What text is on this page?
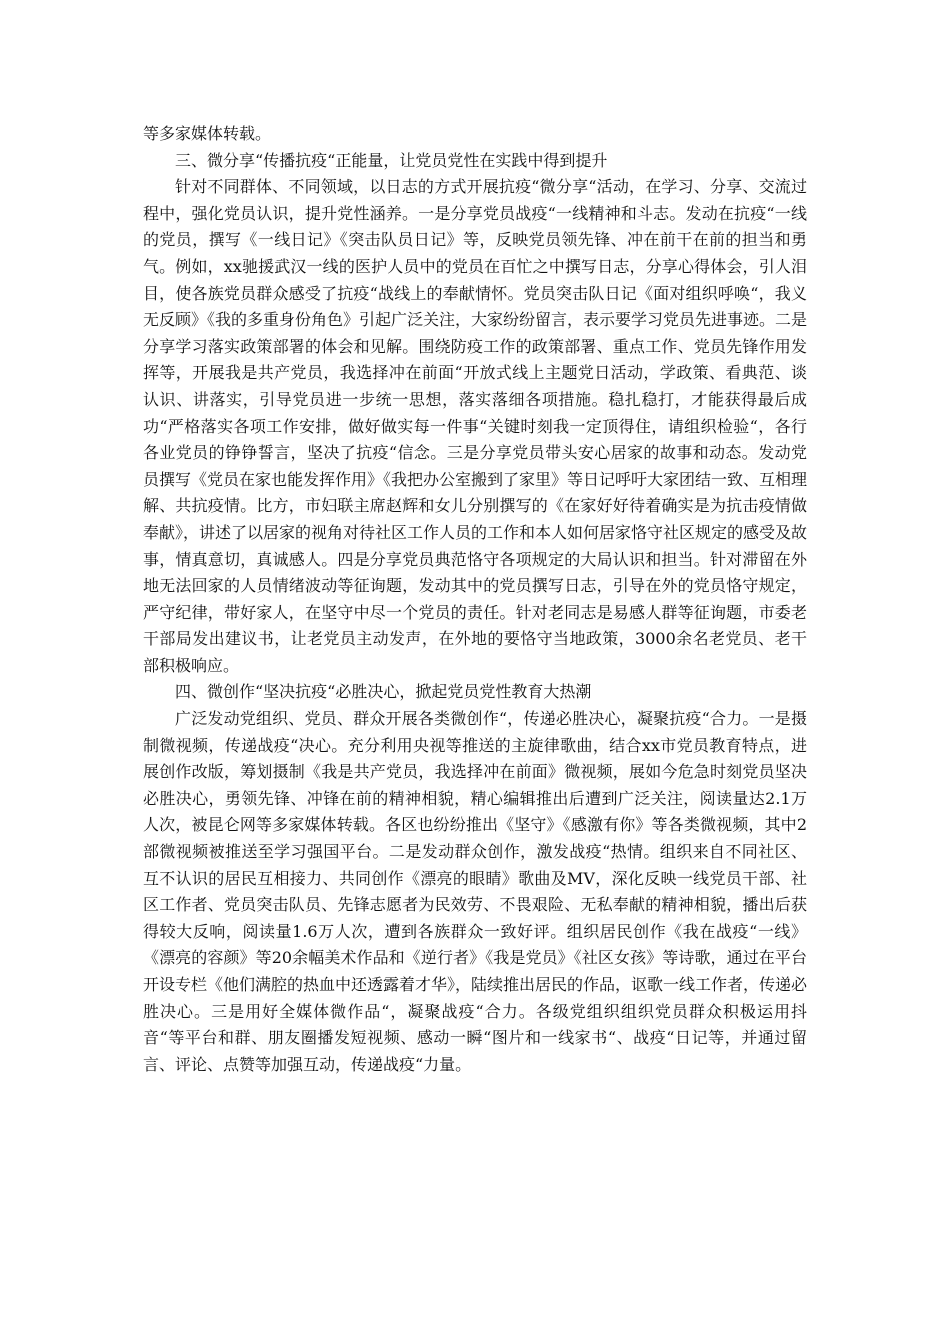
等多家媒体转载。

三、微分享“传播抗疫“正能量，让党员党性在实践中得到提升

针对不同群体、不同领域，以日志的方式开展抗疫“微分享“活动，在学习、分享、交流过程中，强化党员认识，提升党性涵养。一是分享党员战疫“一线精神和斗志。发动在抗疫“一线的党员，撰写《一线日记》《突击队员日记》等，反映党员领先锋、冲在前干在前的担当和勇气。例如，xx驰援武汉一线的医护人员中的党员在百忙之中撰写日志，分享心得体会，引人泪目，使各族党员群众感受了抗疫“战线上的奉献情怀。党员突击队日记《面对组织呼唤“，我义无反顾》《我的多重身份角色》引起广泛关注，大家纷纷留言，表示要学习党员先进事迹。二是分享学习落实政策部署的体会和见解。围绕防疫工作的政策部署、重点工作、党员先锋作用发挥等，开展我是共产党员，我选择冲在前面“开放式线上主题党日活动，学政策、看典范、谈认识、讲落实，引导党员进一步统一思想，落实落细各项措施。稳扎稳打，才能获得最后成功“严格落实各项工作安排，做好做实每一件事“关键时刻我一定顶得住，请组织检验“，各行各业党员的铮铮誓言，坚决了抗疫“信念。三是分享党员带头安心居家的故事和动态。发动党员撰写《党员在家也能发挥作用》《我把办公室搬到了家里》等日记呼吁大家团结一致、互相理解、共抗疫情。比方，市妇联主席赵辉和女儿分别撰写的《在家好好待着确实是为抗击疫情做奉献》，讲述了以居家的视角对待社区工作人员的工作和本人如何居家恪守社区规定的感受及故事，情真意切，真诚感人。四是分享党员典范恪守各项规定的大局认识和担当。针对滞留在外地无法回家的人员情绪波动等征询题，发动其中的党员撰写日志，引导在外的党员恪守规定，严守纪律，带好家人，在坚守中尽一个党员的责任。针对老同志是易感人群等征询题，市委老干部局发出建议书，让老党员主动发声，在外地的要恪守当地政策，3000余名老党员、老干部积极响应。

四、微创作“坚决抗疫“必胜决心，掀起党员党性教育大热潮

广泛发动党组织、党员、群众开展各类微创作“，传递必胜决心，凝聚抗疫“合力。一是摄制微视频，传递战疫“决心。充分利用央视等推送的主旋律歌曲，结合xx市党员教育特点，进展创作改版，筹划摄制《我是共产党员，我选择冲在前面》微视频，展如今危急时刻党员坚决必胜决心，勇领先锋、冲锋在前的精神相貌，精心编辑推出后遭到广泛关注，阅读量达2.1万人次，被昆仑网等多家媒体转载。各区也纷纷推出《坚守》《感激有你》等各类微视频，其中2部微视频被推送至学习强国平台。二是发动群众创作，激发战疫“热情。组织来自不同社区、互不认识的居民互相接力、共同创作《漂亮的眼睛》歌曲及MV，深化反映一线党员干部、社区工作者、党员突击队员、先锋志愿者为民效劳、不畏艰险、无私奉献的精神相貌，播出后获得较大反响，阅读量1.6万人次，遭到各族群众一致好评。组织居民创作《我在战疫“一线》《漂亮的容颜》等20余幅美术作品和《逆行者》《我是党员》《社区女孩》等诗歌，通过在平台开设专栏《他们满腔的热血中还透露着才华》，陆续推出居民的作品，讴歌一线工作者，传递必胜决心。三是用好全媒体微作品“，凝聚战疫“合力。各级党组织组织党员群众积极运用抖音“等平台和群、朋友圈播发短视频、感动一瞬“图片和一线家书“、战疫“日记等，并通过留言、评论、点赞等加强互动，传递战疫“力量。
